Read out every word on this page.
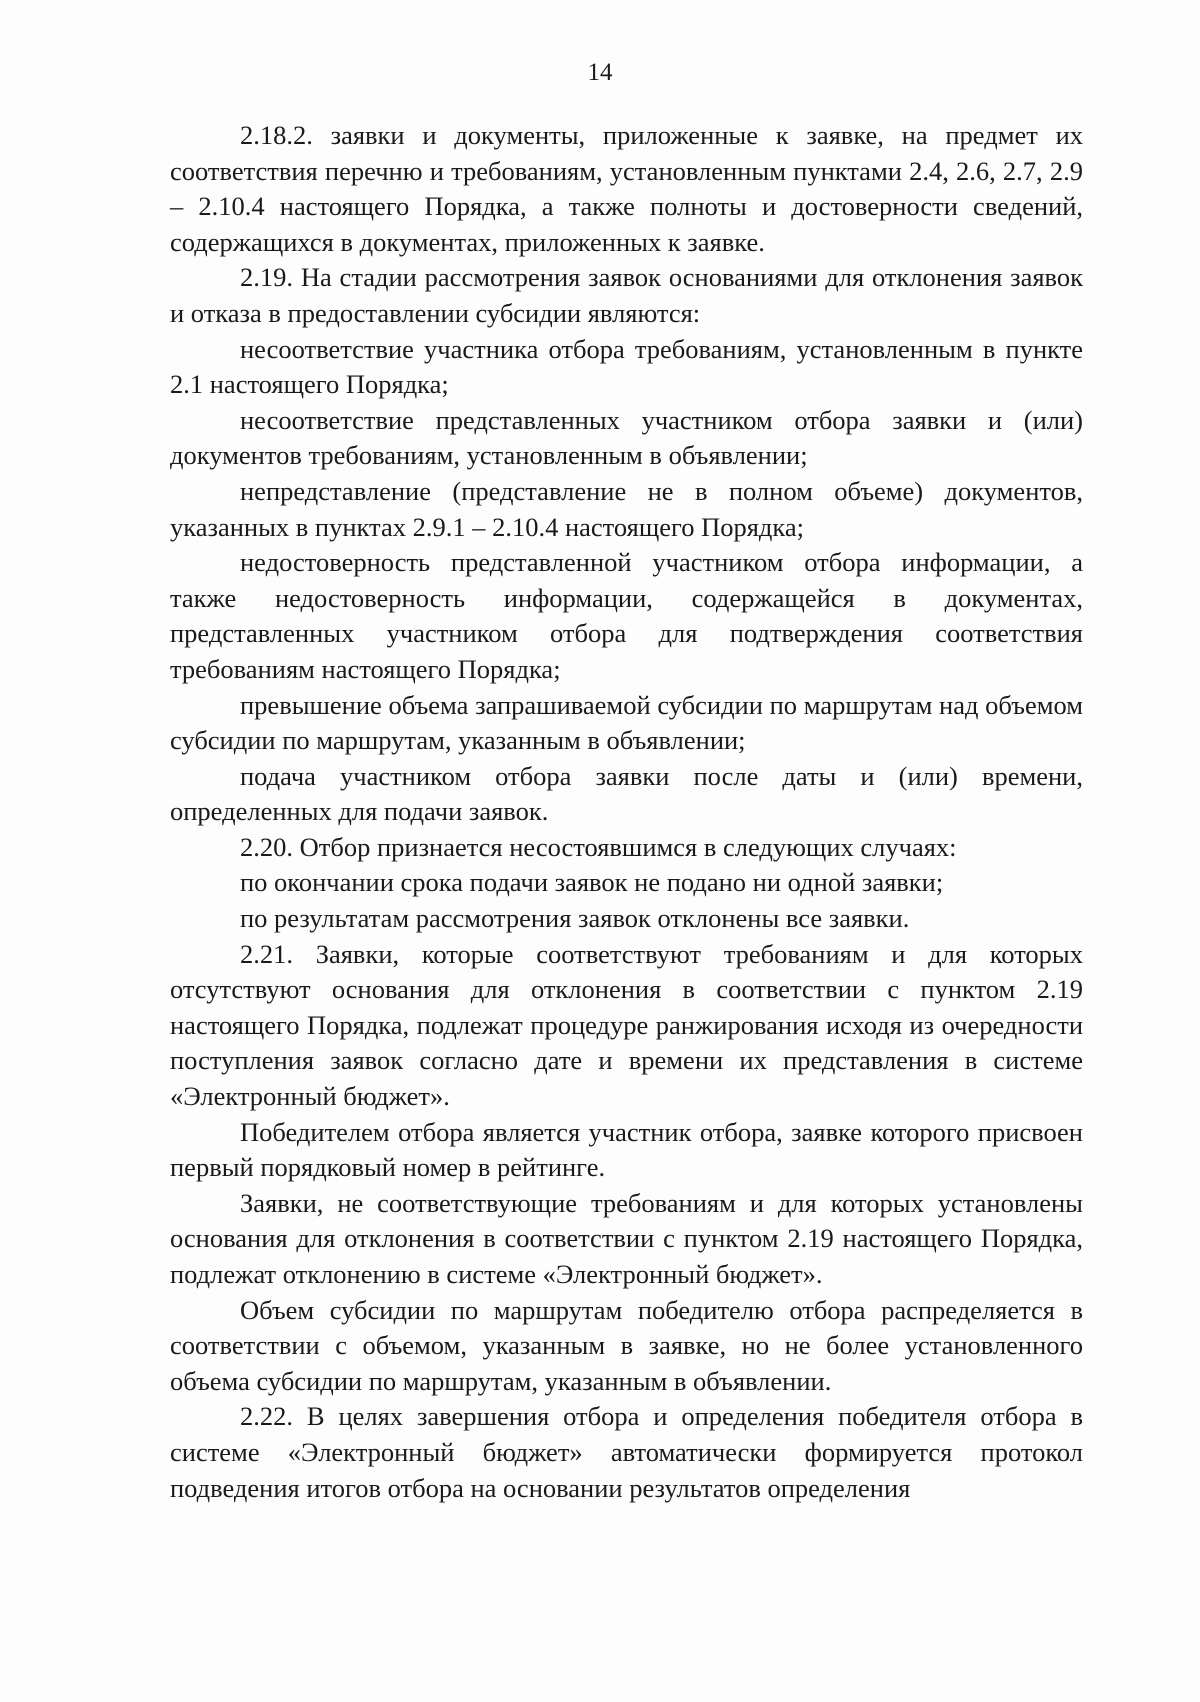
14

2.18.2. заявки и документы, приложенные к заявке, на предмет их соответствия перечню и требованиям, установленным пунктами 2.4, 2.6, 2.7, 2.9 – 2.10.4 настоящего Порядка, а также полноты и достоверности сведений, содержащихся в документах, приложенных к заявке.

2.19. На стадии рассмотрения заявок основаниями для отклонения заявок и отказа в предоставлении субсидии являются:

несоответствие участника отбора требованиям, установленным в пункте 2.1 настоящего Порядка;

несоответствие представленных участником отбора заявки и (или) документов требованиям, установленным в объявлении;

непредставление (представление не в полном объеме) документов, указанных в пунктах 2.9.1 – 2.10.4 настоящего Порядка;

недостоверность представленной участником отбора информации, а также недостоверность информации, содержащейся в документах, представленных участником отбора для подтверждения соответствия требованиям настоящего Порядка;

превышение объема запрашиваемой субсидии по маршрутам над объемом субсидии по маршрутам, указанным в объявлении;

подача участником отбора заявки после даты и (или) времени, определенных для подачи заявок.

2.20. Отбор признается несостоявшимся в следующих случаях:

по окончании срока подачи заявок не подано ни одной заявки;

по результатам рассмотрения заявок отклонены все заявки.

2.21. Заявки, которые соответствуют требованиям и для которых отсутствуют основания для отклонения в соответствии с пунктом 2.19 настоящего Порядка, подлежат процедуре ранжирования исходя из очередности поступления заявок согласно дате и времени их представления в системе «Электронный бюджет».

Победителем отбора является участник отбора, заявке которого присвоен первый порядковый номер в рейтинге.

Заявки, не соответствующие требованиям и для которых установлены основания для отклонения в соответствии с пунктом 2.19 настоящего Порядка, подлежат отклонению в системе «Электронный бюджет».

Объем субсидии по маршрутам победителю отбора распределяется в соответствии с объемом, указанным в заявке, но не более установленного объема субсидии по маршрутам, указанным в объявлении.

2.22. В целях завершения отбора и определения победителя отбора в системе «Электронный бюджет» автоматически формируется протокол подведения итогов отбора на основании результатов определения
